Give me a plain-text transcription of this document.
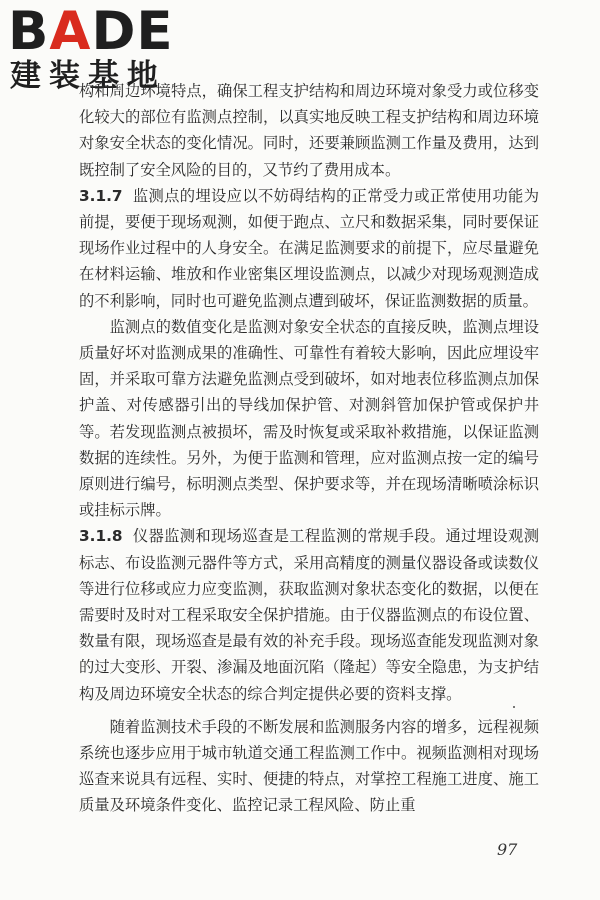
BADE
建装基地

构和周边环境特点，确保工程支护结构和周边环境对象受力或位移变化较大的部位有监测点控制，以真实地反映工程支护结构和周边环境对象安全状态的变化情况。同时，还要兼顾监测工作量及费用，达到既控制了安全风险的目的，又节约了费用成本。

3.1.7 监测点的埋设应以不妨碍结构的正常受力或正常使用功能为前提，要便于现场观测，如便于跑点、立尺和数据采集，同时要保证现场作业过程中的人身安全。在满足监测要求的前提下，应尽量避免在材料运输、堆放和作业密集区埋设监测点，以减少对现场观测造成的不利影响，同时也可避免监测点遭到破坏，保证监测数据的质量。

监测点的数值变化是监测对象安全状态的直接反映，监测点埋设质量好坏对监测成果的准确性、可靠性有着较大影响，因此应埋设牢固，并采取可靠方法避免监测点受到破坏，如对地表位移监测点加保护盖、对传感器引出的导线加保护管、对测斜管加保护管或保护井等。若发现监测点被损坏，需及时恢复或采取补救措施，以保证监测数据的连续性。另外，为便于监测和管理，应对监测点按一定的编号原则进行编号，标明测点类型、保护要求等，并在现场清晰喷涂标识或挂标示牌。

3.1.8 仪器监测和现场巡查是工程监测的常规手段。通过埋设观测标志、布设监测元器件等方式，采用高精度的测量仪器设备或读数仪等进行位移或应力应变监测，获取监测对象状态变化的数据，以便在需要时及时对工程采取安全保护措施。由于仪器监测点的布设位置、数量有限，现场巡查是最有效的补充手段。现场巡查能发现监测对象的过大变形、开裂、渗漏及地面沉陷（隆起）等安全隐患，为支护结构及周边环境安全状态的综合判定提供必要的资料支撑。

随着监测技术手段的不断发展和监测服务内容的增多，远程视频系统也逐步应用于城市轨道交通工程监测工作中。视频监测相对现场巡查来说具有远程、实时、便捷的特点，对掌控工程施工进度、施工质量及环境条件变化、监控记录工程风险、防止重

97
